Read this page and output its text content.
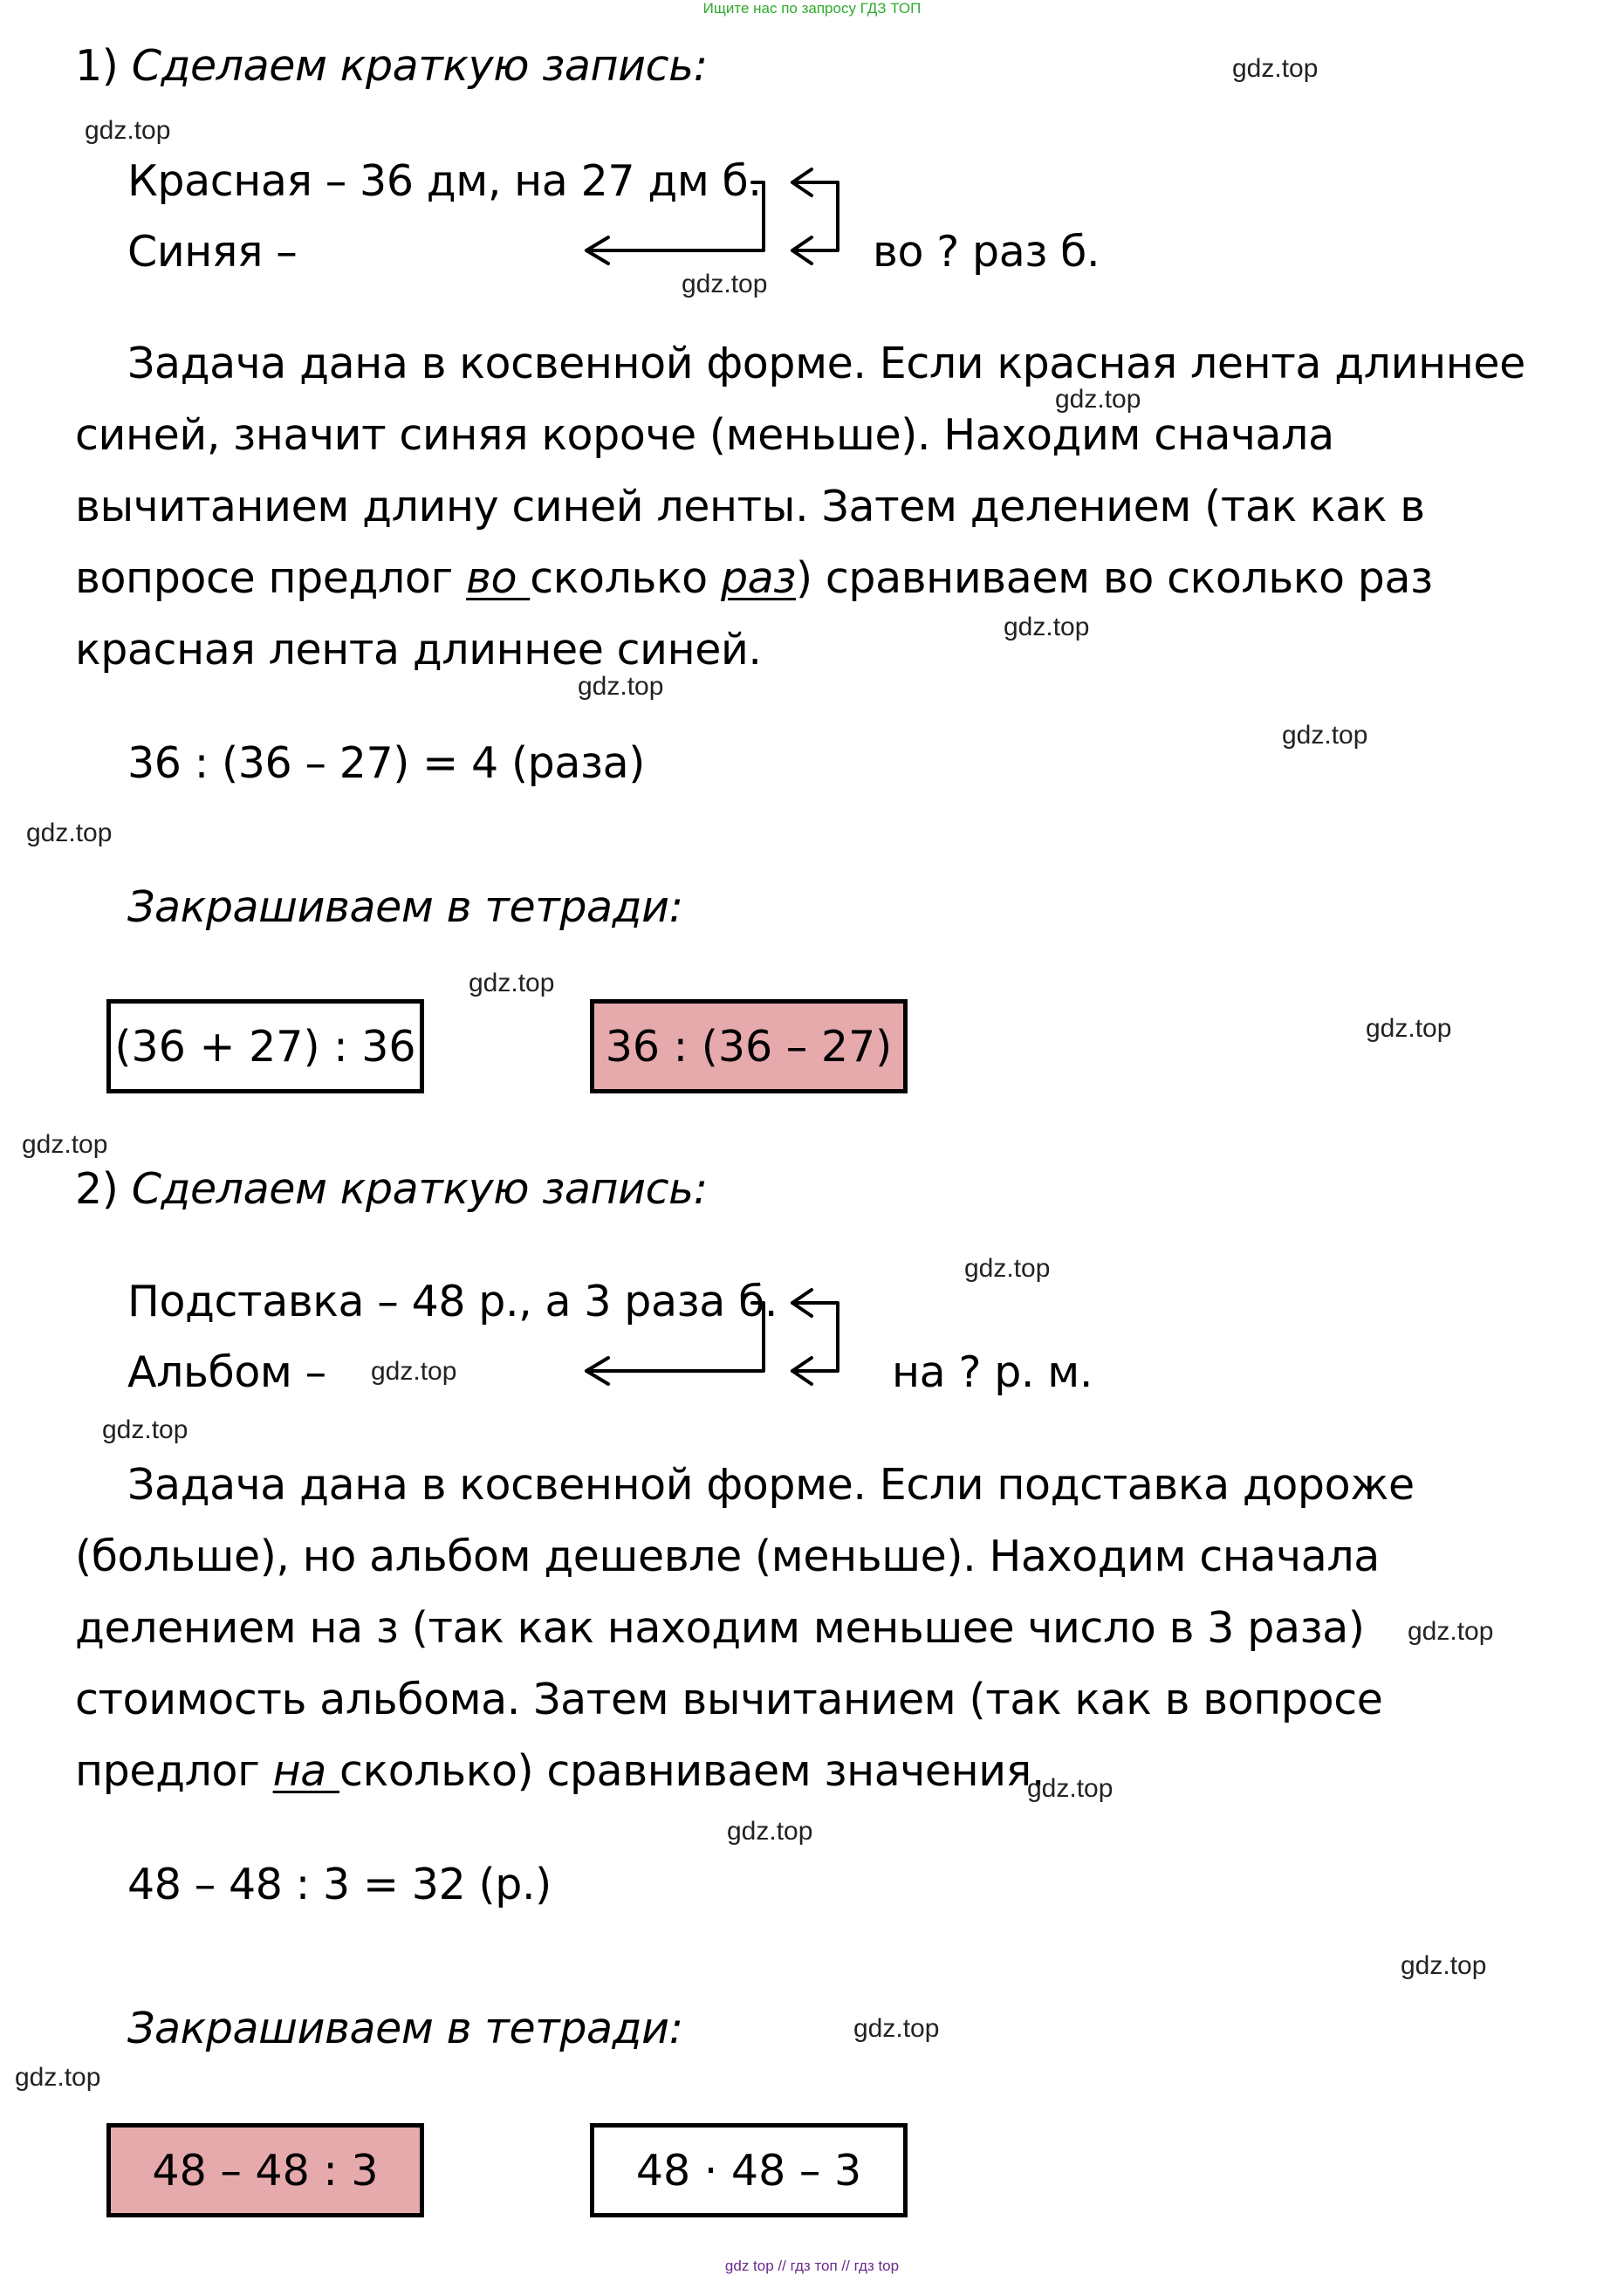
Ищите нас по запросу ГДЗ ТОП
1) Сделаем краткую запись:
Красная – 36 дм, на 27 дм б.
Синяя –	во ? раз б.
Задача дана в косвенной форме. Если красная лента длиннее
синей, значит синяя короче (меньше). Находим сначала
вычитанием длину синей ленты. Затем делением (так как в
вопросе предлог во сколько раз) сравниваем во сколько раз
красная лента длиннее синей.
36 : (36 – 27) = 4 (раза)
Закрашиваем в тетради:
(36 + 27) : 36	36 : (36 – 27)
2) Сделаем краткую запись:
Подставка – 48 р., а 3 раза б.
Альбом –	на ? р. м.
Задача дана в косвенной форме. Если подставка дороже
(больше), но альбом дешевле (меньше). Находим сначала
делением на з (так как находим меньшее число в 3 раза)
стоимость альбома. Затем вычитанием (так как в вопросе
предлог на сколько) сравниваем значения.
48 – 48 : 3 = 32 (р.)
Закрашиваем в тетради:
48 – 48 : 3	48 · 48 – 3
gdz.top
gdz.top
gdz.top
gdz.top
gdz.top
gdz.top
gdz.top
gdz.top
gdz.top
gdz.top
gdz.top
gdz.top
gdz.top
gdz.top
gdz.top
gdz.top
gdz.top
gdz.top
gdz.top
gdz.top
gdz top // гдз топ // гдз top
